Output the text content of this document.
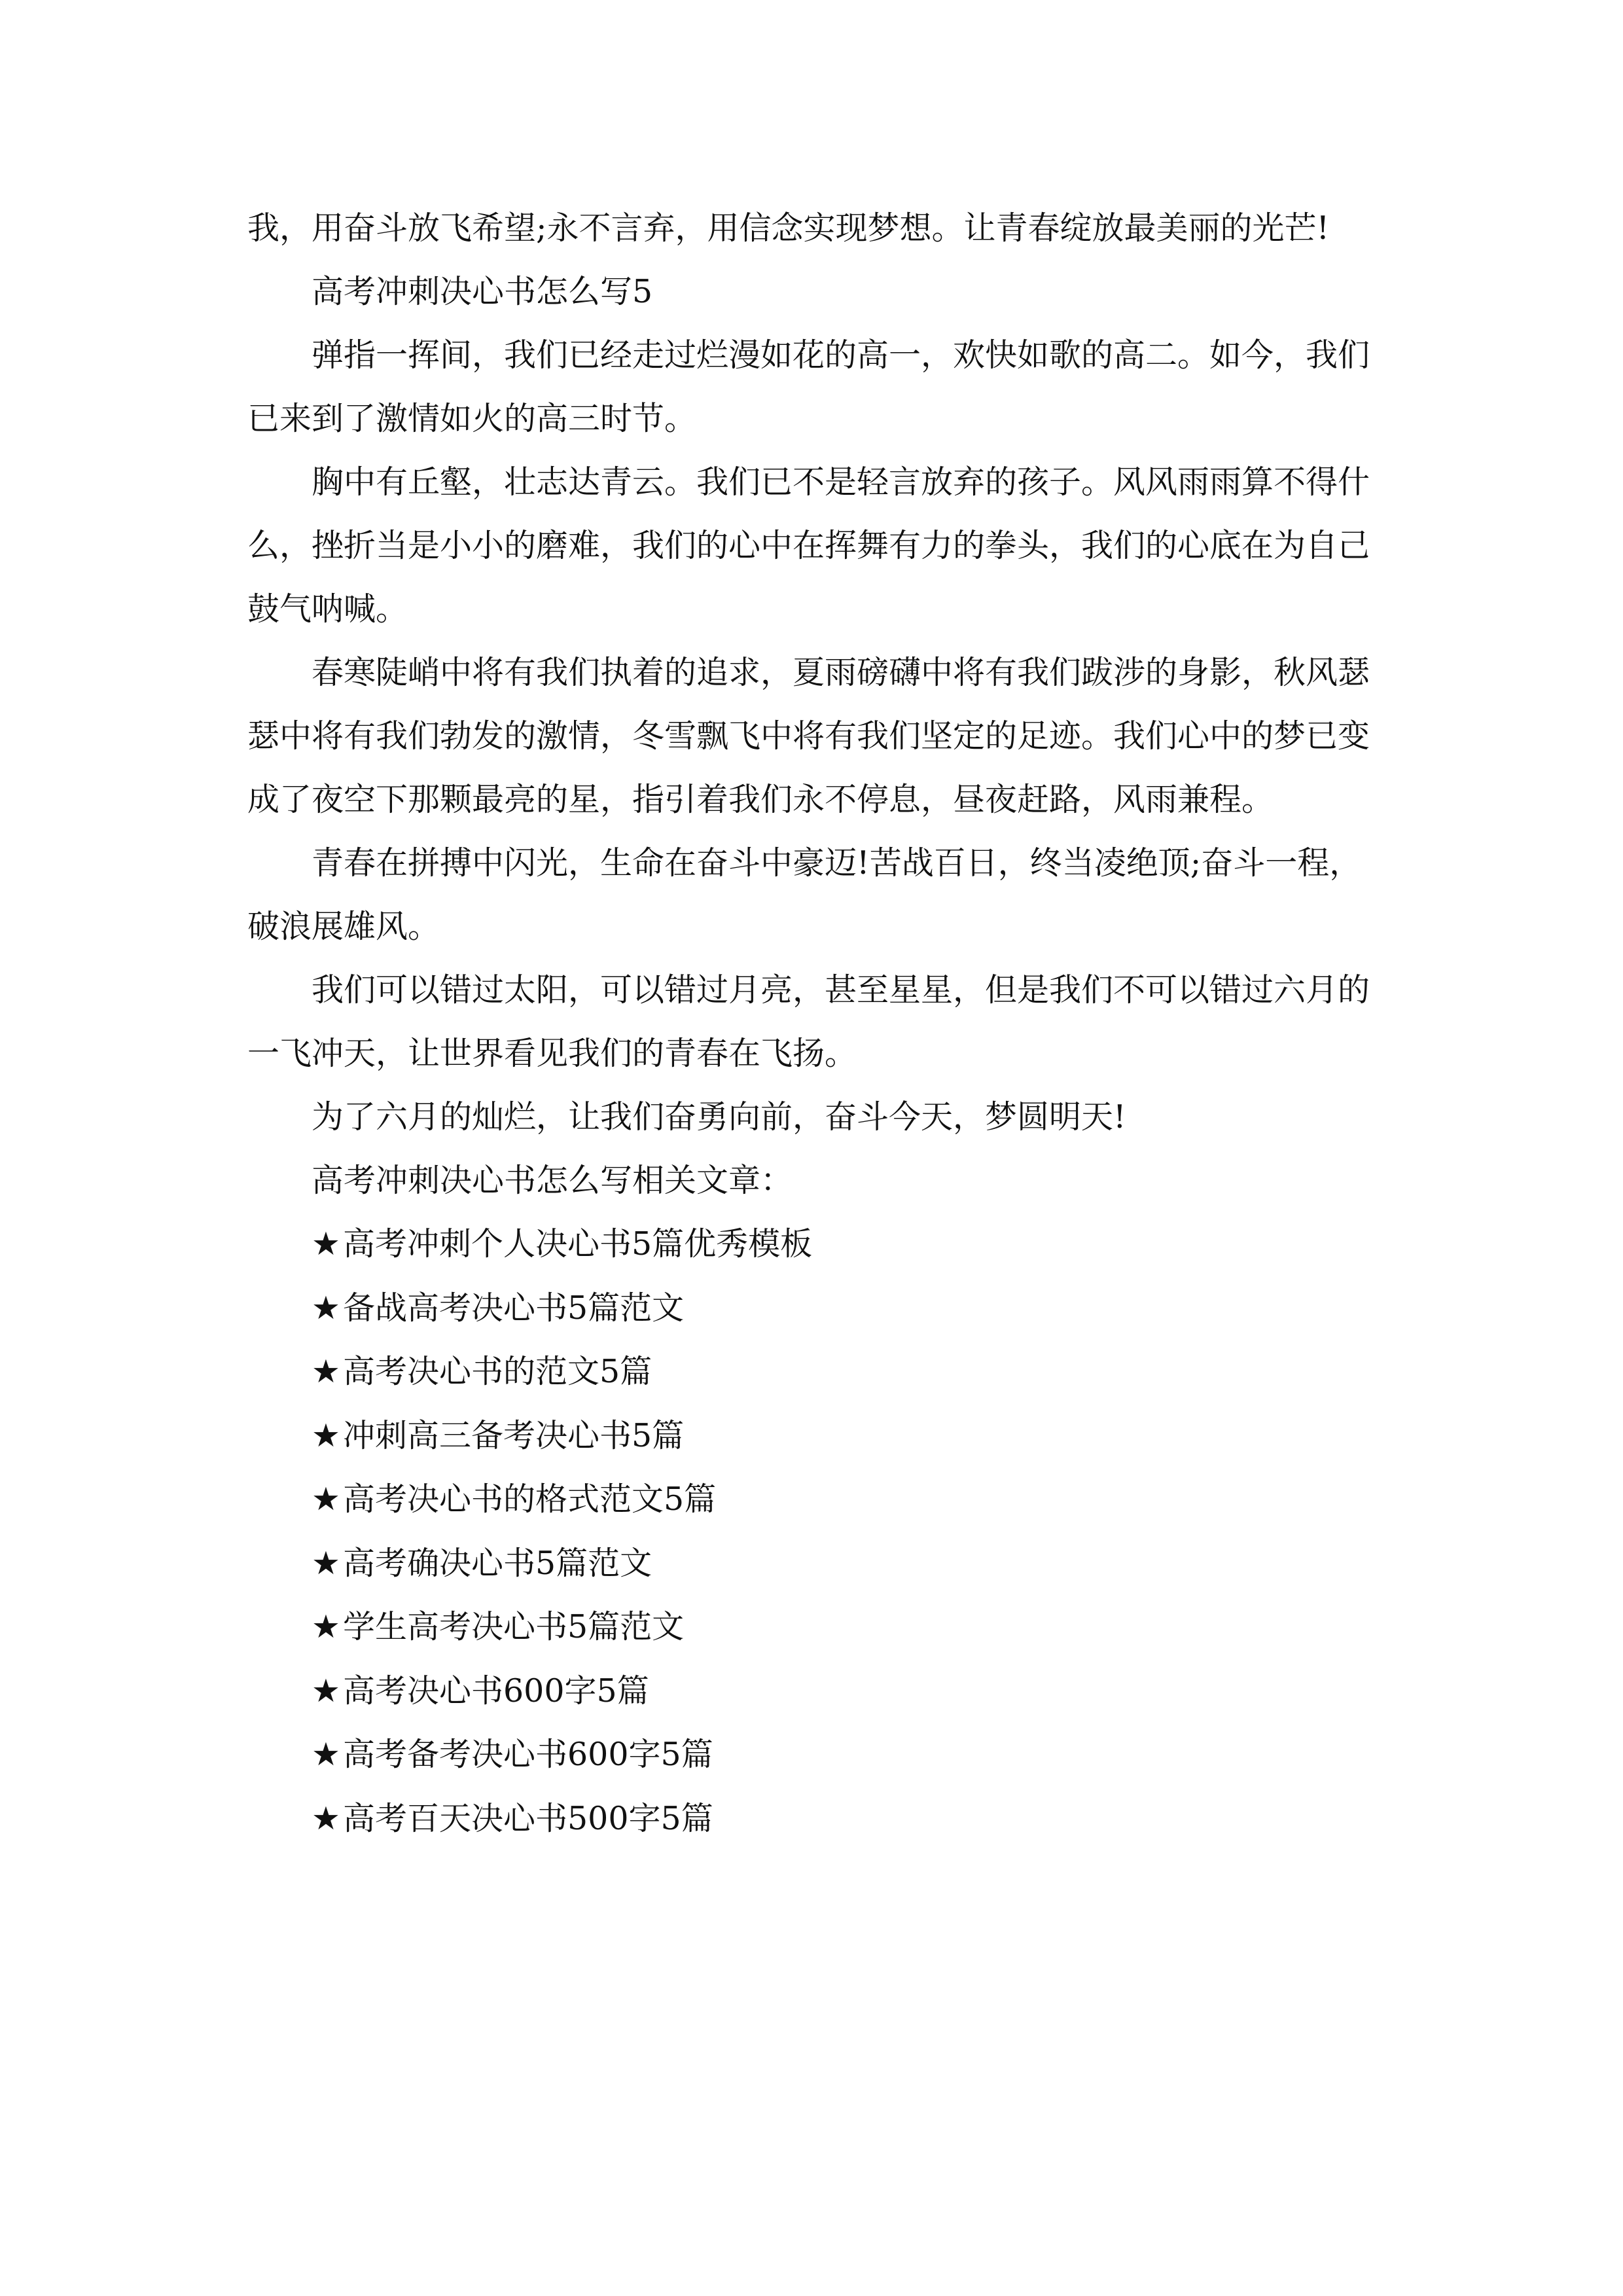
我，用奋斗放飞希望;永不言弃，用信念实现梦想。让青春绽放最美丽的光芒!

高考冲刺决心书怎么写5

弹指一挥间，我们已经走过烂漫如花的高一，欢快如歌的高二。如今，我们

已来到了激情如火的高三时节。

胸中有丘壑，壮志达青云。我们已不是轻言放弃的孩子。风风雨雨算不得什

么，挫折当是小小的磨难，我们的心中在挥舞有力的拳头，我们的心底在为自己

鼓气呐喊。

春寒陡峭中将有我们执着的追求，夏雨磅礴中将有我们跋涉的身影，秋风瑟

瑟中将有我们勃发的激情，冬雪飘飞中将有我们坚定的足迹。我们心中的梦已变

成了夜空下那颗最亮的星，指引着我们永不停息，昼夜赶路，风雨兼程。

青春在拼搏中闪光，生命在奋斗中豪迈!苦战百日，终当凌绝顶;奋斗一程，

破浪展雄风。

我们可以错过太阳，可以错过月亮，甚至星星，但是我们不可以错过六月的

一飞冲天，让世界看见我们的青春在飞扬。

为了六月的灿烂，让我们奋勇向前，奋斗今天，梦圆明天!

高考冲刺决心书怎么写相关文章：

★高考冲刺个人决心书5篇优秀模板
★备战高考决心书5篇范文
★高考决心书的范文5篇
★冲刺高三备考决心书5篇
★高考决心书的格式范文5篇
★高考确决心书5篇范文
★学生高考决心书5篇范文
★高考决心书600字5篇
★高考备考决心书600字5篇
★高考百天决心书500字5篇
